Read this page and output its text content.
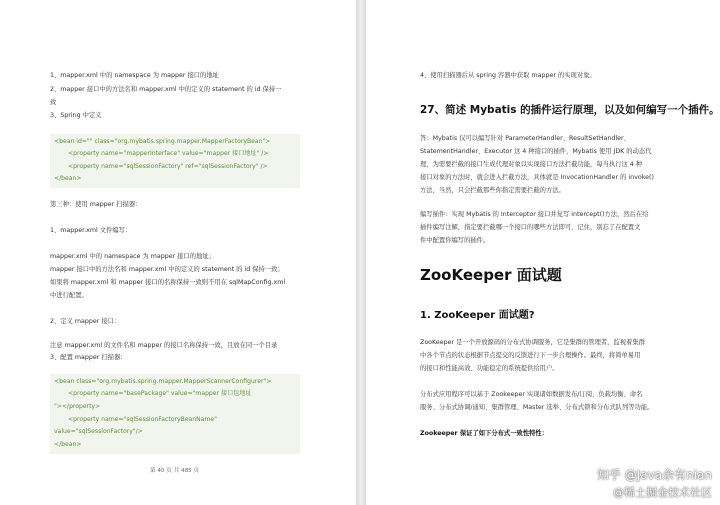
1、mapper.xml 中的 namespace 为 mapper 接口的地址
2、mapper 接口中的方法名和 mapper.xml 中的定义的 statement 的 id 保持一
致
3、Spring 中定义
<bean id="" class="org.mybatis.spring.mapper.MapperFactoryBean">
<property name="mapperInterface" value="mapper 接口地址" />
<property name="sqlSessionFactory" ref="sqlSessionFactory" />
</bean>
第三种：使用 mapper 扫描器：
1、mapper.xml 文件编写：
mapper.xml 中的 namespace 为 mapper 接口的地址；
mapper 接口中的方法名和 mapper.xml 中的定义的 statement 的 id 保持一致；
如果将 mapper.xml 和 mapper 接口的名称保持一致则不用在 sqlMapConfig.xml
中进行配置。
2、定义 mapper 接口：
注意 mapper.xml 的文件名和 mapper 的接口名称保持一致，且放在同一个目录
3、配置 mapper 扫描器：
<bean class="org.mybatis.spring.mapper.MapperScannerConfigurer">
<property name="basePackage" value="mapper 接口包地址
"></property>
<property name="sqlSessionFactoryBeanName"
value="sqlSessionFactory"/>
</bean>
第 40 页 共 485 页
4、使用扫描器后从 spring 容器中获取 mapper 的实现对象。
27、简述 Mybatis 的插件运行原理，以及如何编写一个插件。
答：Mybatis 仅可以编写针对 ParameterHandler、ResultSetHandler、
StatementHandler、Executor 这 4 种接口的插件，Mybatis 使用 JDK 的动态代
理，为需要拦截的接口生成代理对象以实现接口方法拦截功能，每当执行这 4 种
接口对象的方法时，就会进入拦截方法，具体就是 InvocationHandler 的 invoke()
方法，当然，只会拦截那些你指定需要拦截的方法。
编写插件：实现 Mybatis 的 Interceptor 接口并复写 intercept()方法，然后在给
插件编写注解，指定要拦截哪一个接口的哪些方法即可，记住，别忘了在配置文
件中配置你编写的插件。
ZooKeeper 面试题
1. ZooKeeper 面试题?
ZooKeeper 是一个开放源码的分布式协调服务，它是集群的管理者，监视着集群
中各个节点的状态根据节点提交的反馈进行下一步合理操作。最终，将简单易用
的接口和性能高效、功能稳定的系统提供给用户。
分布式应用程序可以基于 Zookeeper 实现诸如数据发布/订阅、负载均衡、命名
服务、分布式协调/通知、集群管理、Master 选举、分布式锁和分布式队列等功能。
Zookeeper 保证了如下分布式一致性特性：
知乎 @Java余有nian
@稀土掘金技术社区
